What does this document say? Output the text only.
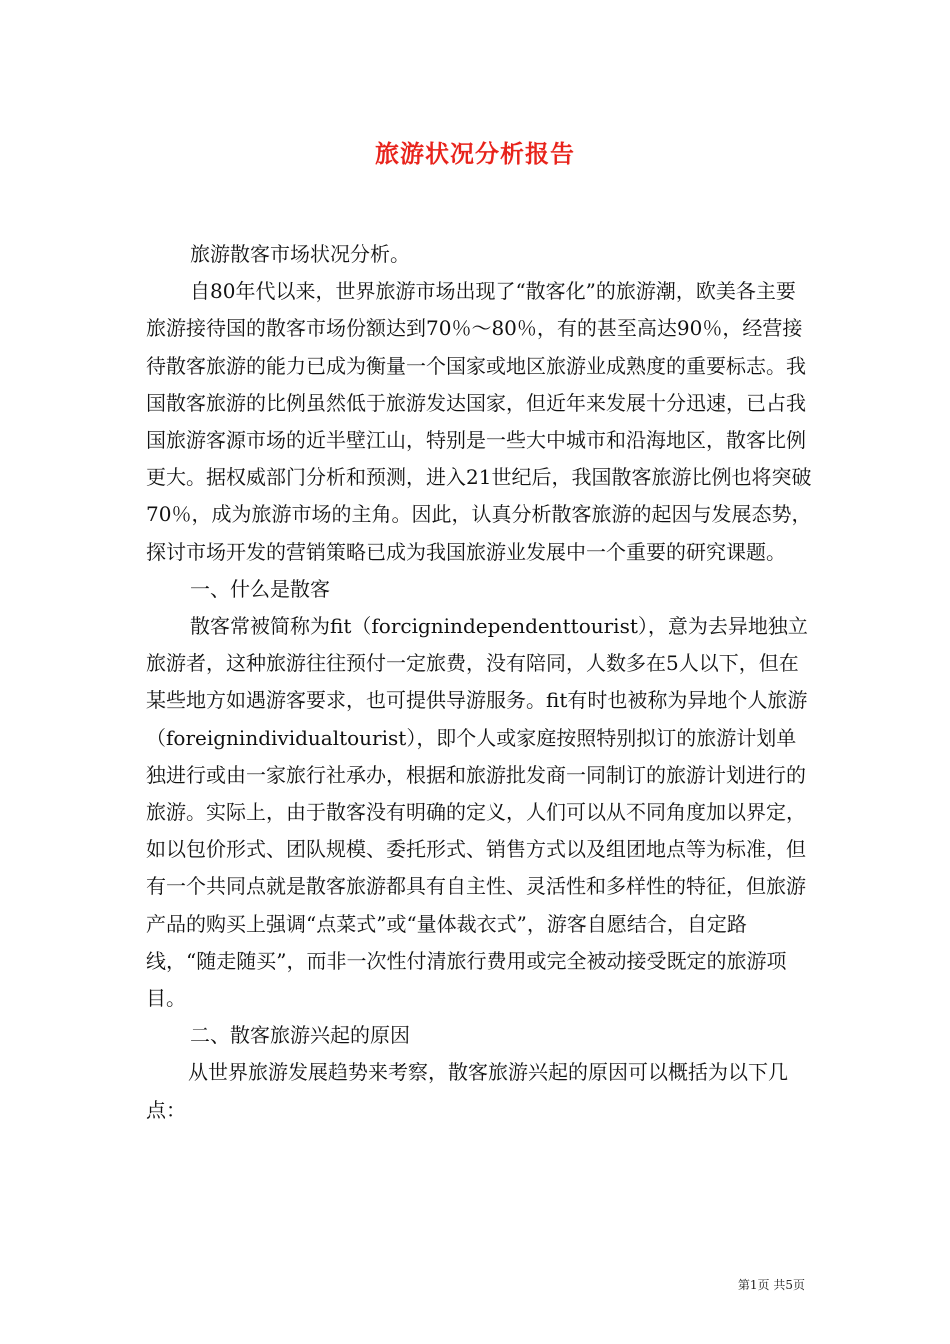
旅游状况分析报告

旅游散客市场状况分析。

自80年代以来，世界旅游市场出现了“散客化”的旅游潮，欧美各主要旅游接待国的散客市场份额达到70％～80％，有的甚至高达90％，经营接待散客旅游的能力已成为衡量一个国家或地区旅游业成熟度的重要标志。我国散客旅游的比例虽然低于旅游发达国家，但近年来发展十分迅速，已占我国旅游客源市场的近半壁江山，特别是一些大中城市和沿海地区，散客比例更大。据权威部门分析和预测，进入21世纪后，我国散客旅游比例也将突破70％，成为旅游市场的主角。因此，认真分析散客旅游的起因与发展态势，探讨市场开发的营销策略已成为我国旅游业发展中一个重要的研究课题。

一、什么是散客

散客常被简称为fit（forcignindependenttourist），意为去异地独立旅游者，这种旅游往往预付一定旅费，没有陪同，人数多在5人以下，但在某些地方如遇游客要求，也可提供导游服务。fit有时也被称为异地个人旅游（foreignindividualtourist），即个人或家庭按照特别拟订的旅游计划单独进行或由一家旅行社承办，根据和旅游批发商一同制订的旅游计划进行的旅游。实际上，由于散客没有明确的定义，人们可以从不同角度加以界定，如以包价形式、团队规模、委托形式、销售方式以及组团地点等为标准，但有一个共同点就是散客旅游都具有自主性、灵活性和多样性的特征，但旅游产品的购买上强调“点菜式”或“量体裁衣式”，游客自愿结合，自定路线，“随走随买”，而非一次性付清旅行费用或完全被动接受既定的旅游项目。

二、散客旅游兴起的原因

从世界旅游发展趋势来考察，散客旅游兴起的原因可以概括为以下几点：

第1页 共5页
